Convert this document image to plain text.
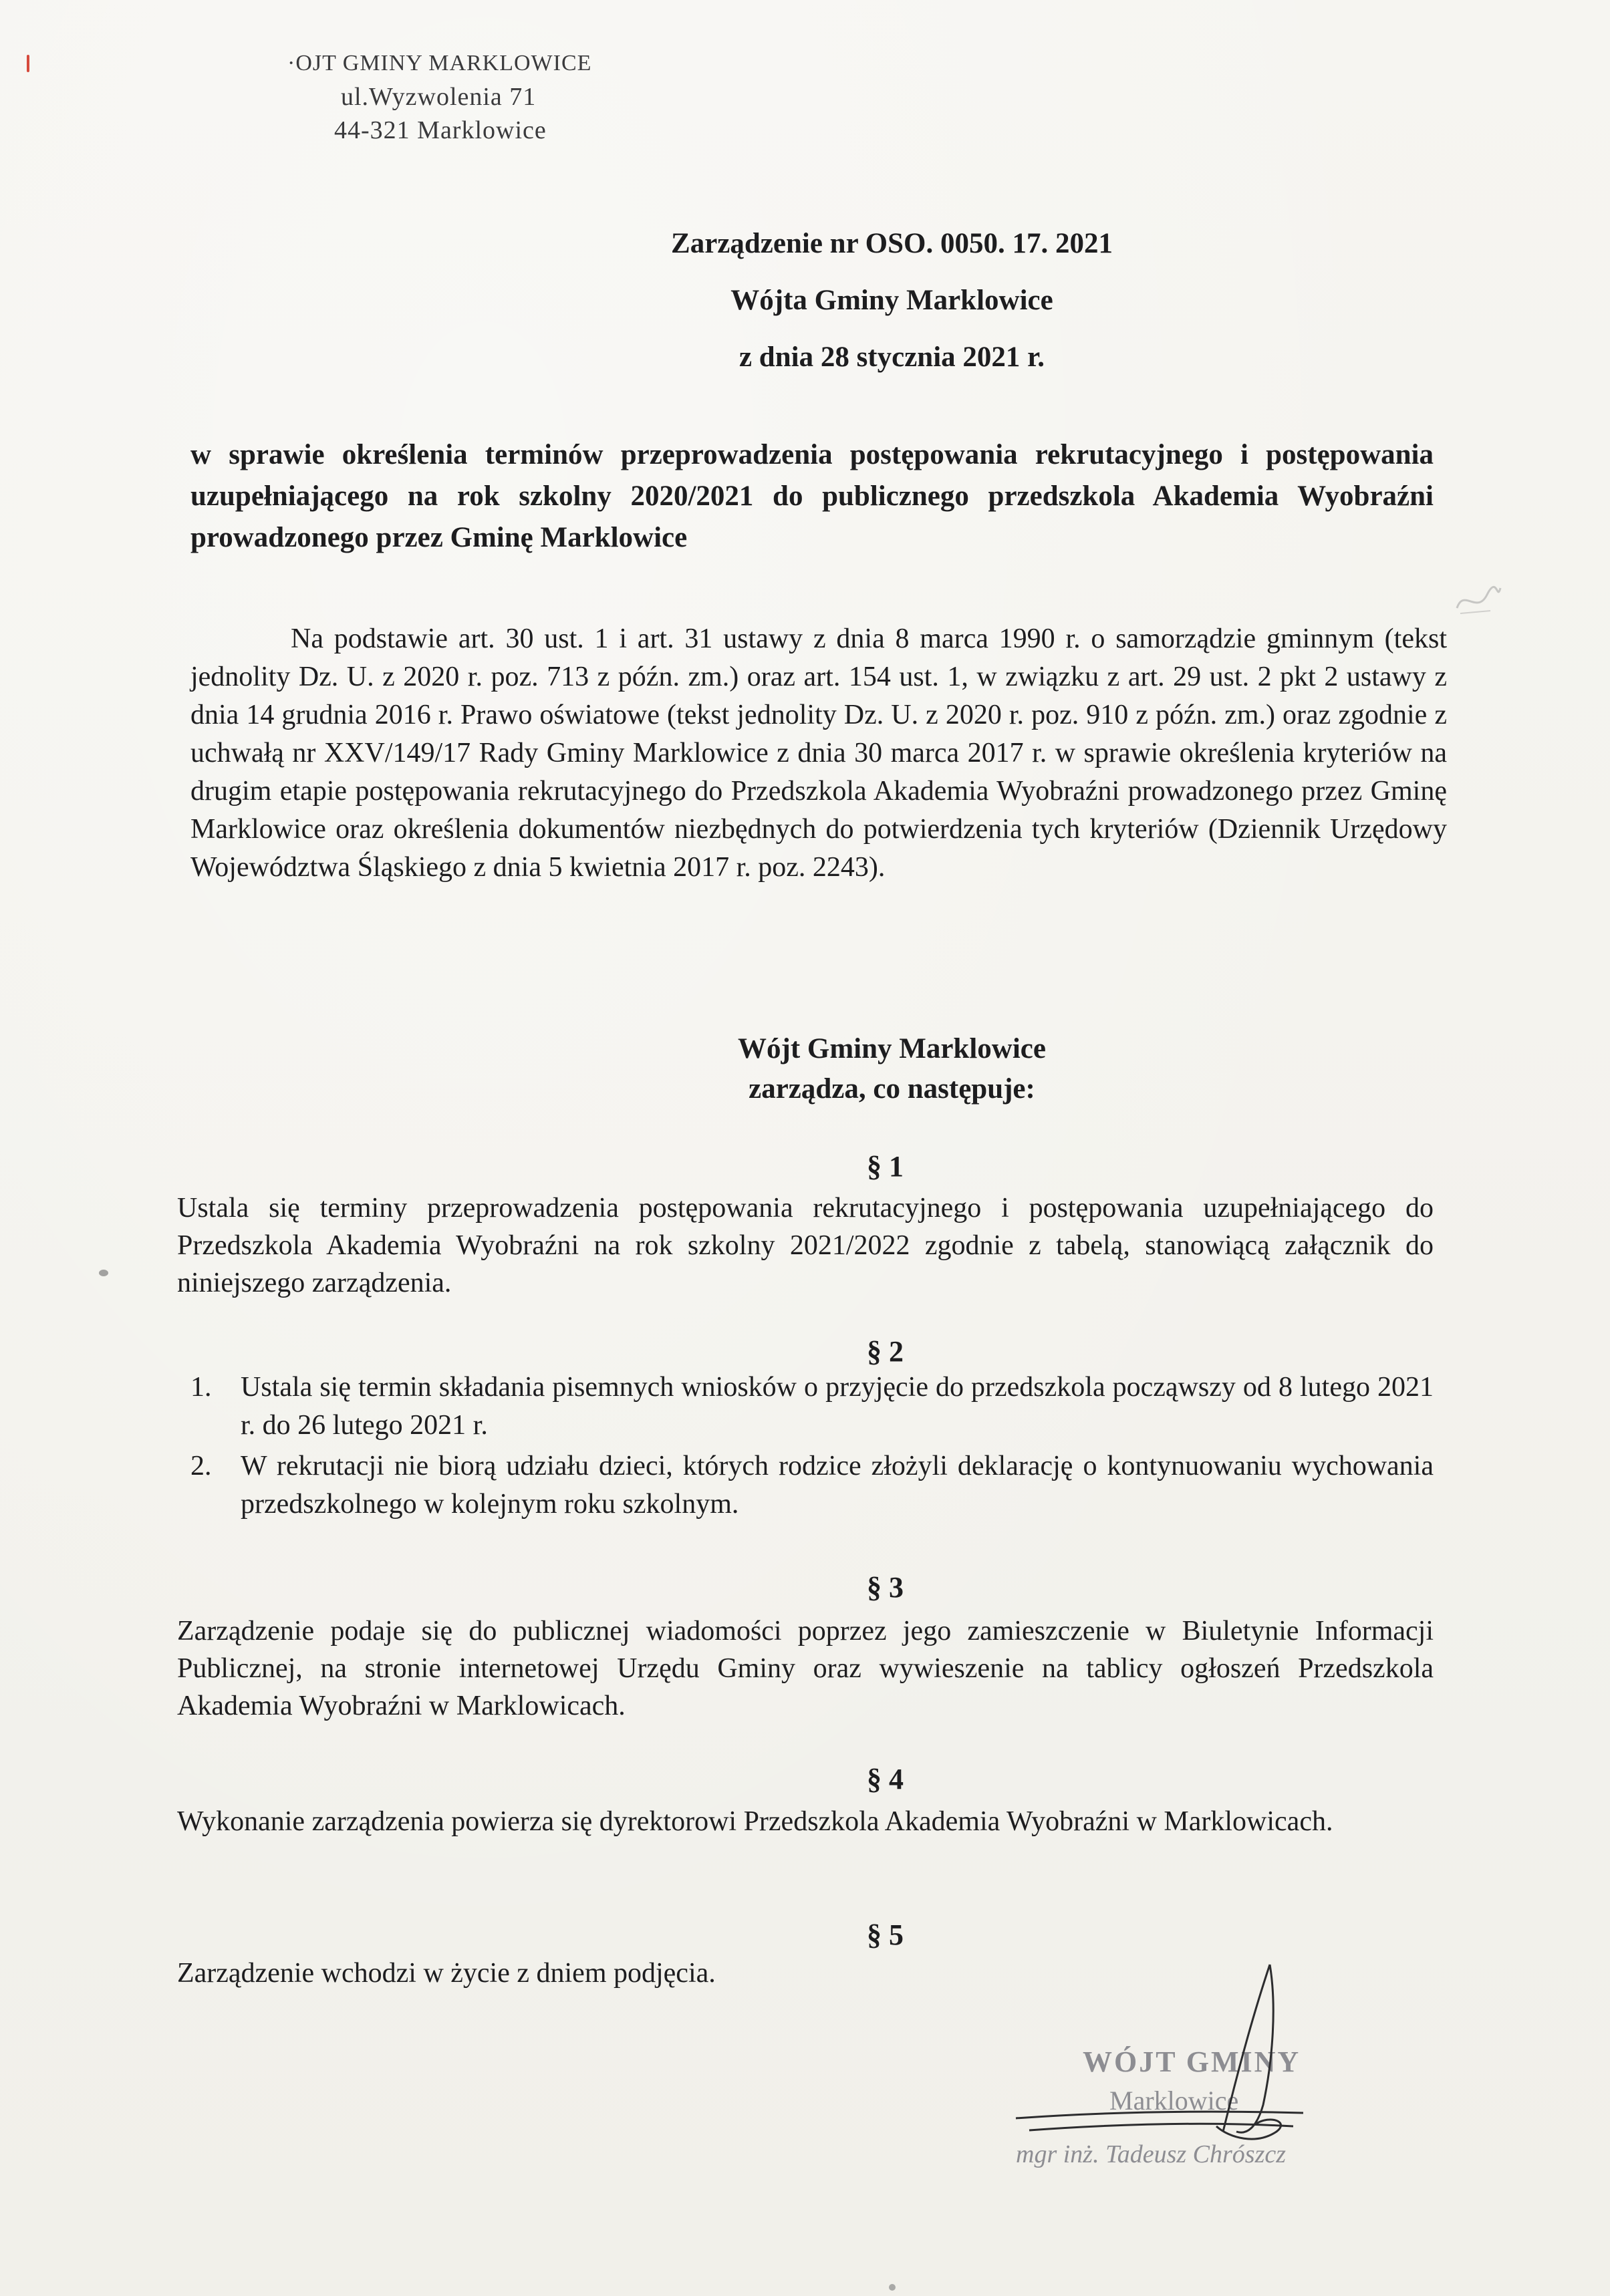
·OJT GMINY MARKLOWICE
ul.Wyzwolenia 71
44-321 Marklowice
Zarządzenie nr OSO. 0050. 17. 2021
Wójta Gminy Marklowice
z dnia 28 stycznia 2021 r.
w sprawie określenia terminów przeprowadzenia postępowania rekrutacyjnego i postępowania uzupełniającego na rok szkolny 2020/2021 do publicznego przedszkola Akademia Wyobraźni prowadzonego przez Gminę Marklowice
Na podstawie art. 30 ust. 1 i art. 31 ustawy z dnia 8 marca 1990 r. o samorządzie gminnym (tekst jednolity Dz. U. z 2020 r. poz. 713 z późn. zm.) oraz art. 154 ust. 1, w związku z art. 29 ust. 2 pkt 2 ustawy z dnia 14 grudnia 2016 r. Prawo oświatowe (tekst jednolity Dz. U. z 2020 r. poz. 910 z późn. zm.) oraz zgodnie z uchwałą nr XXV/149/17 Rady Gminy Marklowice z dnia 30 marca 2017 r. w sprawie określenia kryteriów na drugim etapie postępowania rekrutacyjnego do Przedszkola Akademia Wyobraźni prowadzonego przez Gminę Marklowice oraz określenia dokumentów niezbędnych do potwierdzenia tych kryteriów (Dziennik Urzędowy Województwa Śląskiego z dnia 5 kwietnia 2017 r. poz. 2243).
Wójt Gminy Marklowice
zarządza, co następuje:
§ 1
Ustala się terminy przeprowadzenia postępowania rekrutacyjnego i postępowania uzupełniającego do Przedszkola Akademia Wyobraźni na rok szkolny 2021/2022 zgodnie z tabelą, stanowiącą załącznik do niniejszego zarządzenia.
§ 2
1. Ustala się termin składania pisemnych wniosków o przyjęcie do przedszkola począwszy od 8 lutego 2021 r. do 26 lutego 2021 r.
2. W rekrutacji nie biorą udziału dzieci, których rodzice złożyli deklarację o kontynuowaniu wychowania przedszkolnego w kolejnym roku szkolnym.
§ 3
Zarządzenie podaje się do publicznej wiadomości poprzez jego zamieszczenie w Biuletynie Informacji Publicznej, na stronie internetowej Urzędu Gminy oraz wywieszenie na tablicy ogłoszeń Przedszkola Akademia Wyobraźni w Marklowicach.
§ 4
Wykonanie zarządzenia powierza się dyrektorowi Przedszkola Akademia Wyobraźni w Marklowicach.
§ 5
Zarządzenie wchodzi w życie z dniem podjęcia.
WÓJT GMINY
Marklowice
mgr inż. Tadeusz Chrószcz
